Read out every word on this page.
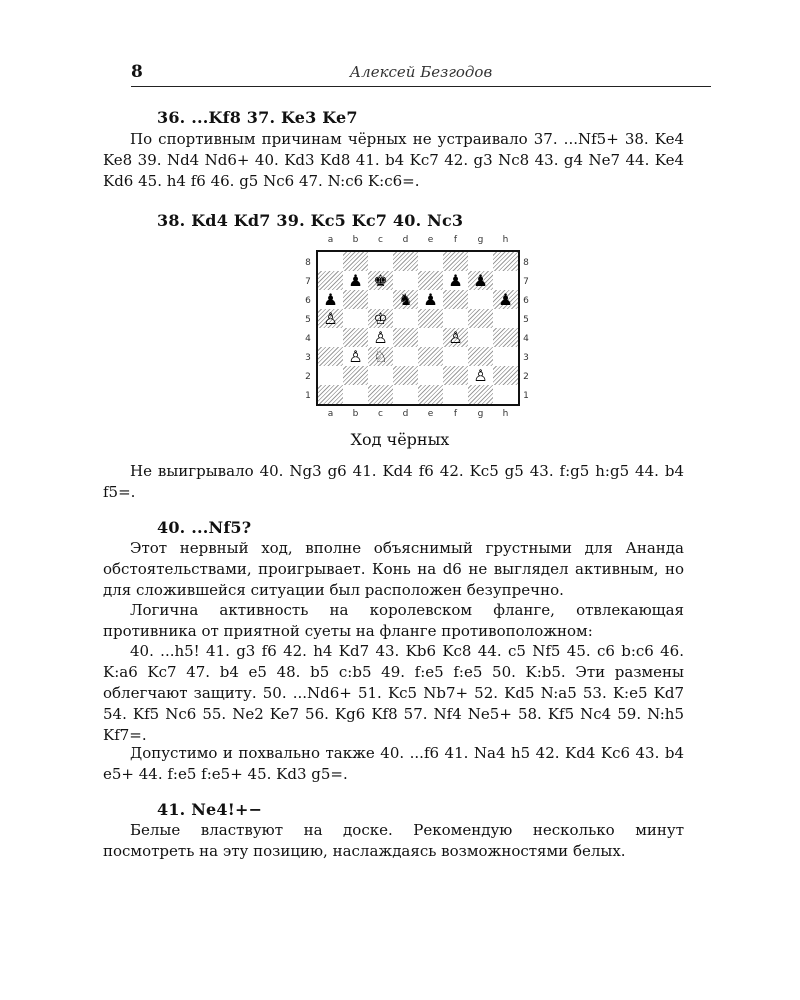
8	Алексей Безгодов
36. ...Kf8 37. Ke3 Ke7

По спортивным причинам чёрных не устраивало 37. ...Nf5+ 38. Ke4 Ke8 39. Nd4 Nd6+ 40. Kd3 Kd8 41. b4 Kc7 42. g3 Nc8 43. g4 Ne7 44. Ke4 Kd6 45. h4 f6 46. g5 Nc6 47. N:c6 K:c6=.

38. Kd4 Kd7 39. Kc5 Kc7 40. Nc3
a	b	c	d	e	f	g	h
a	b	c	d	e	f	g	h
8
7
6
5
4
3
2
1
8
7
6
5
4
3
2
1
♟ ♚	♟ ♟
♟	♞ ♟	♟
♙	♔
♙	♙
♙ ♘
♙
Ход чёрных

Не выигрывало 40. Ng3 g6 41. Kd4 f6 42. Kc5 g5 43. f:g5 h:g5 44. b4 f5=.

40. ...Nf5?

Этот нервный ход, вполне объяснимый грустными для Ананда обстоятельствами, проигрывает. Конь на d6 не выглядел активным, но для сложившейся ситуации был расположен безупречно.

Логична активность на королевском фланге, отвлекающая противника от приятной суеты на фланге противоположном:

40. ...h5! 41. g3 f6 42. h4 Kd7 43. Kb6 Kc8 44. c5 Nf5 45. c6 b:c6 46. K:a6 Kc7 47. b4 e5 48. b5 c:b5 49. f:e5 f:e5 50. K:b5. Эти размены облегчают защиту. 50. ...Nd6+ 51. Kc5 Nb7+ 52. Kd5 N:a5 53. K:e5 Kd7 54. Kf5 Nc6 55. Ne2 Ke7 56. Kg6 Kf8 57. Nf4 Ne5+ 58. Kf5 Nc4 59. N:h5 Kf7=.

Допустимо и похвально также 40. ...f6 41. Na4 h5 42. Kd4 Kc6 43. b4 e5+ 44. f:e5 f:e5+ 45. Kd3 g5=.

41. Ne4!+−

Белые властвуют на доске. Рекомендую несколько минут посмотреть на эту позицию, наслаждаясь возможностями белых.
